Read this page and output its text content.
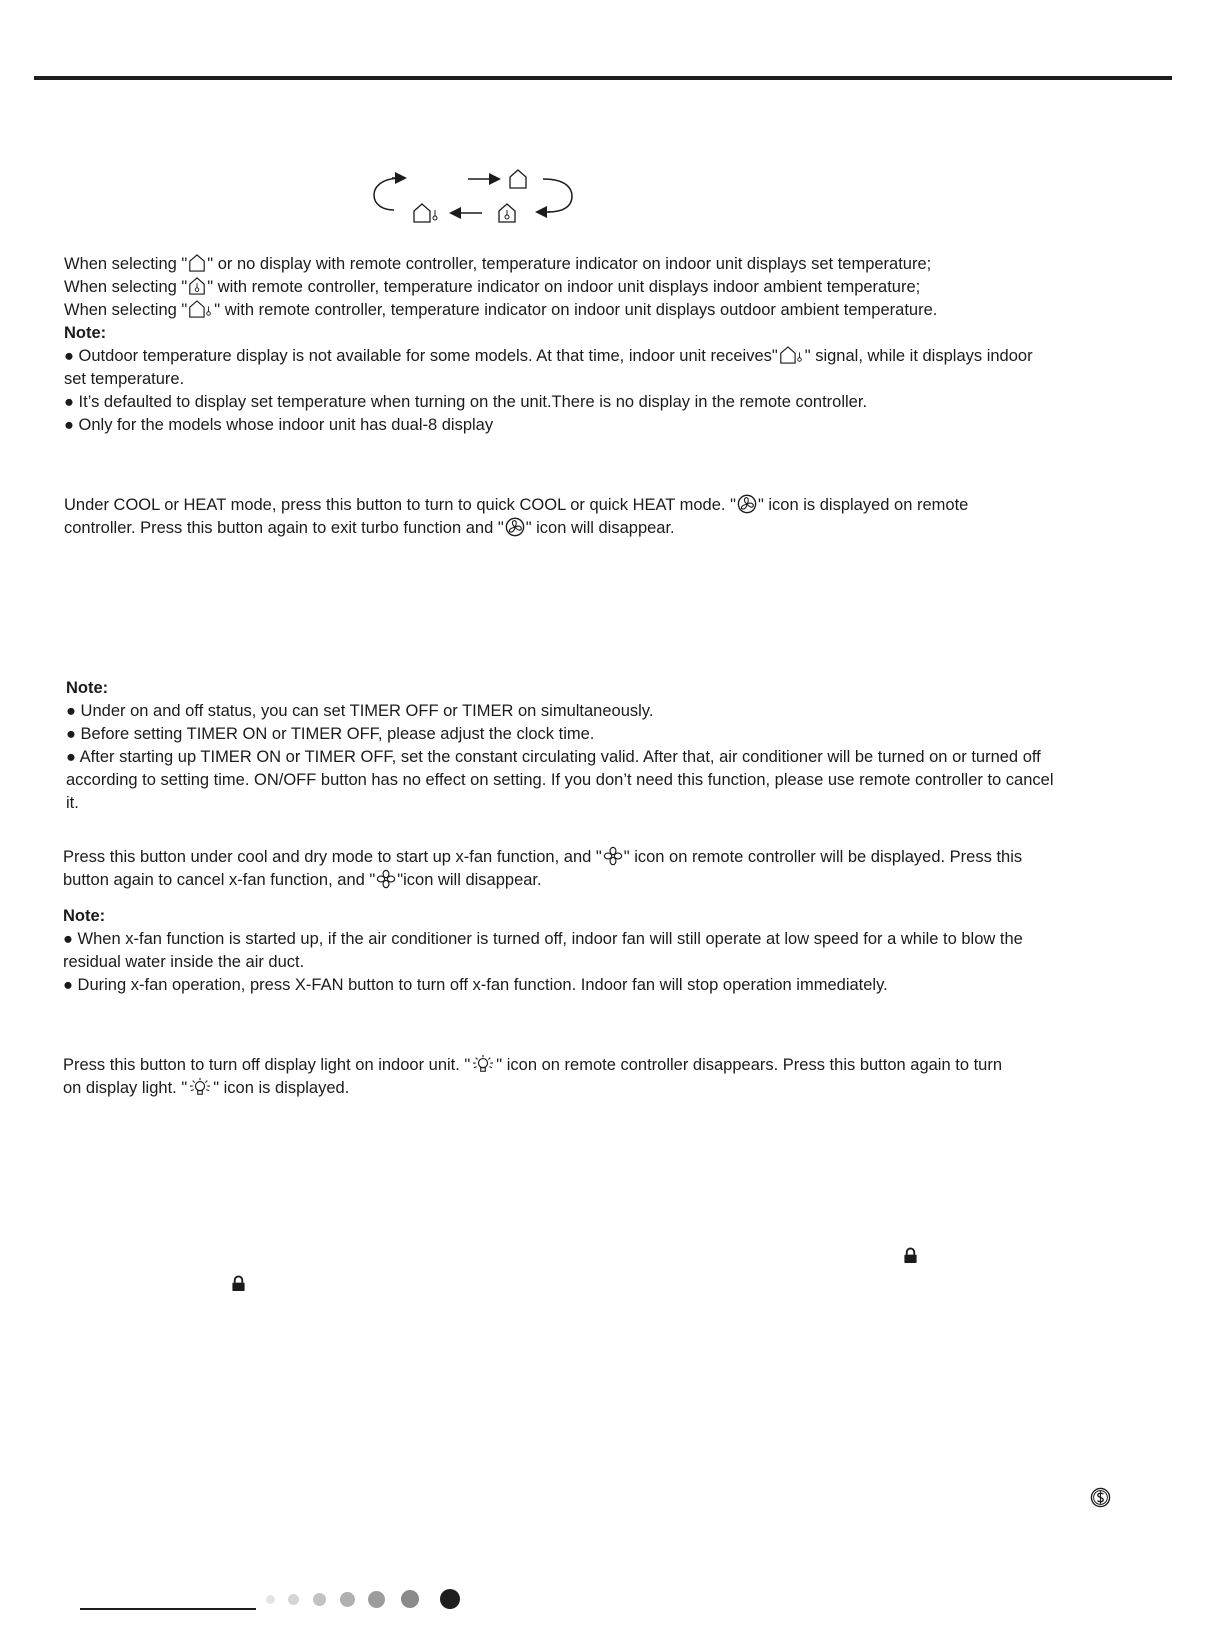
When selecting " " or no display with remote controller, temperature indicator on indoor unit displays set temperature;
When selecting " " with remote controller, temperature indicator on indoor unit displays indoor ambient temperature;
When selecting " " with remote controller, temperature indicator on indoor unit displays outdoor ambient temperature.
Note:
● Outdoor temperature display is not available for some models. At that time, indoor unit receives" " signal, while it displays indoor
set temperature.
● It’s defaulted to display set temperature when turning on the unit.There is no display in the remote controller.
● Only for the models whose indoor unit has dual-8 display
Under COOL or HEAT mode, press this button to turn to quick COOL or quick HEAT mode. " " icon is displayed on remote
controller. Press this button again to exit turbo function and " " icon will disappear.
Note:
● Under on and off status, you can set TIMER OFF or TIMER on simultaneously.
● Before setting TIMER ON or TIMER OFF, please adjust the clock time.
● After starting up TIMER ON or TIMER OFF, set the constant circulating valid. After that, air conditioner will be turned on or turned off
according to setting time. ON/OFF button has no effect on setting. If you don’t need this function, please use remote controller to cancel
it.
Press this button under cool and dry mode to start up x-fan function, and " " icon on remote controller will be displayed. Press this
button again to cancel x-fan function, and " "icon will disappear.
Note:
● When x-fan function is started up, if the air conditioner is turned off, indoor fan will still operate at low speed for a while to blow the
residual water inside the air duct.
● During x-fan operation, press X-FAN button to turn off x-fan function. Indoor fan will stop operation immediately.
Press this button to turn off display light on indoor unit. " " icon on remote controller disappears. Press this button again to turn
on display light. " " icon is displayed.
